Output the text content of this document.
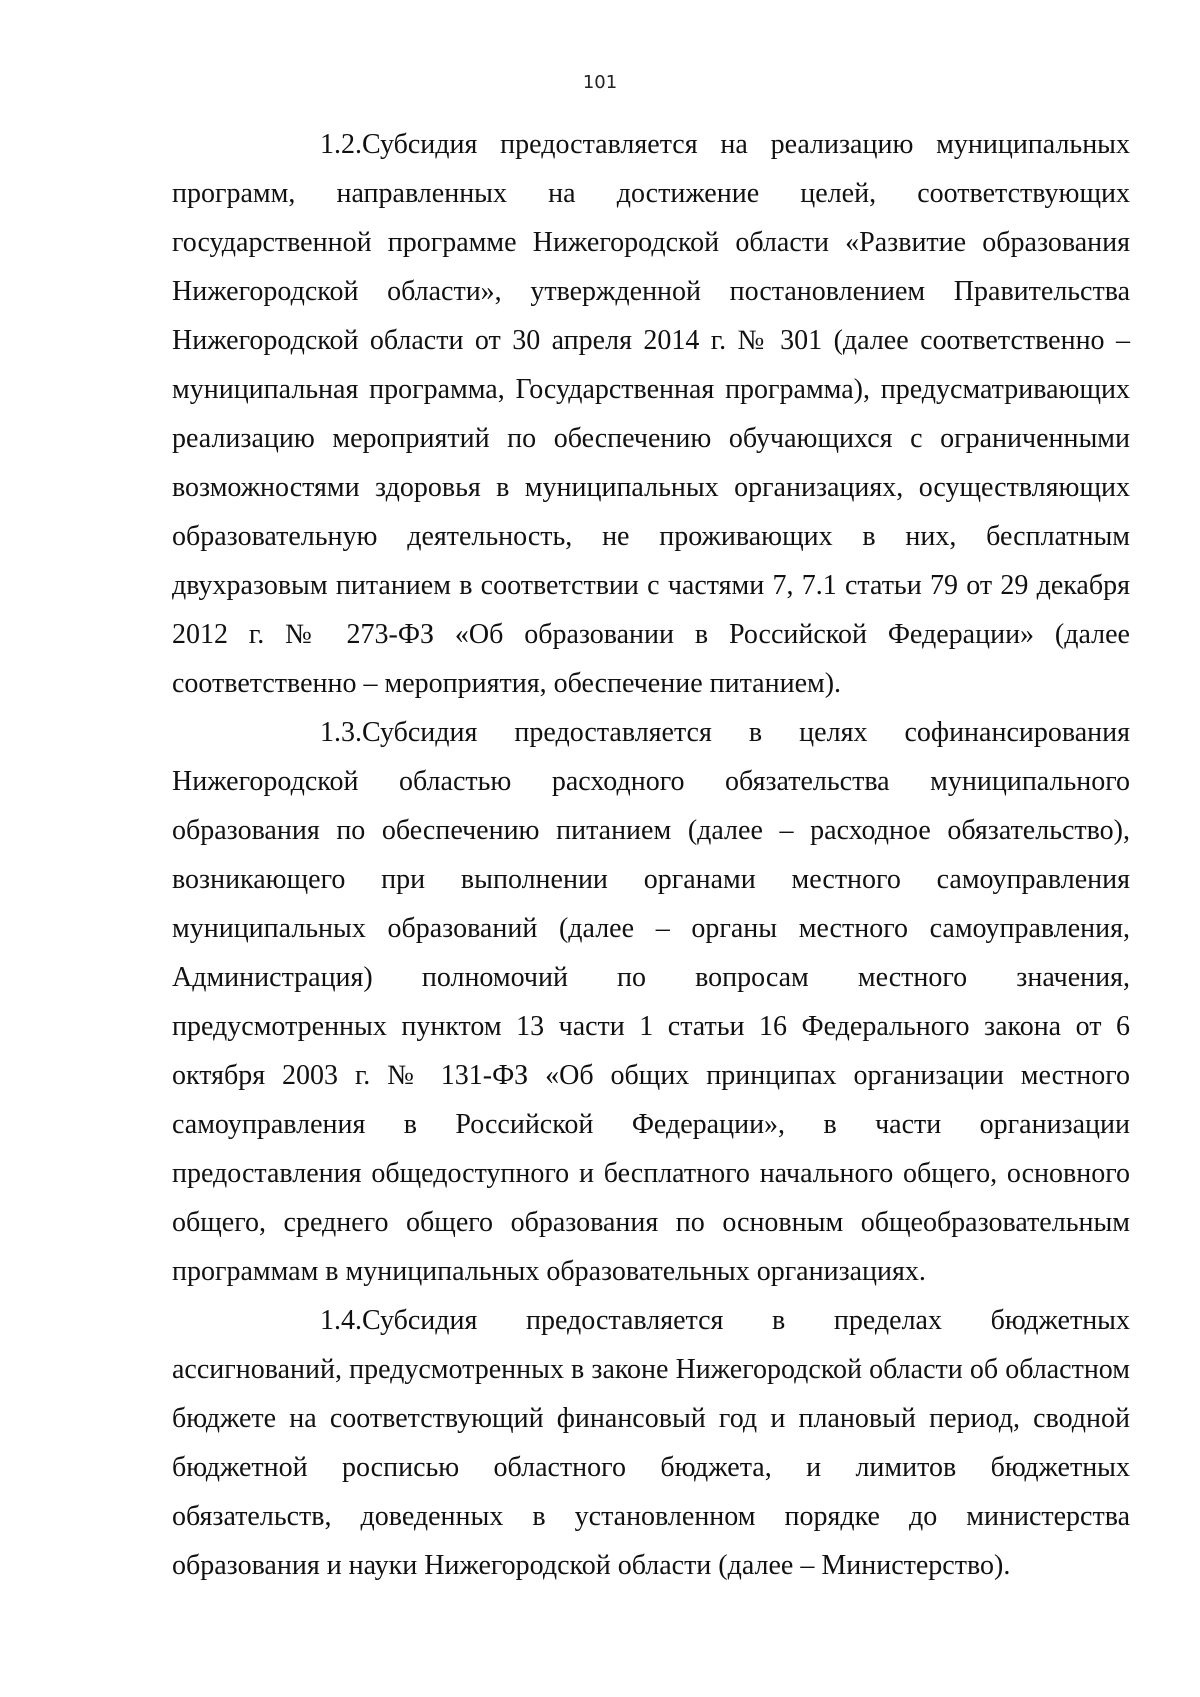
101

1.2.Субсидия предоставляется на реализацию муниципальных программ, направленных на достижение целей, соответствующих государственной программе Нижегородской области «Развитие образования Нижегородской области», утвержденной постановлением Правительства Нижегородской области от 30 апреля 2014 г. № 301 (далее соответственно – муниципальная программа, Государственная программа), предусматривающих реализацию мероприятий по обеспечению обучающихся с ограниченными возможностями здоровья в муниципальных организациях, осуществляющих образовательную деятельность, не проживающих в них, бесплатным двухразовым питанием в соответствии с частями 7, 7.1 статьи 79 от 29 декабря 2012 г. № 273-ФЗ «Об образовании в Российской Федерации» (далее соответственно – мероприятия, обеспечение питанием).

1.3.Субсидия предоставляется в целях софинансирования Нижегородской областью расходного обязательства муниципального образования по обеспечению питанием (далее – расходное обязательство), возникающего при выполнении органами местного самоуправления муниципальных образований (далее – органы местного самоуправления, Администрация) полномочий по вопросам местного значения, предусмотренных пунктом 13 части 1 статьи 16 Федерального закона от 6 октября 2003 г. № 131-ФЗ «Об общих принципах организации местного самоуправления в Российской Федерации», в части организации предоставления общедоступного и бесплатного начального общего, основного общего, среднего общего образования по основным общеобразовательным программам в муниципальных образовательных организациях.

1.4.Субсидия предоставляется в пределах бюджетных ассигнований, предусмотренных в законе Нижегородской области об областном бюджете на соответствующий финансовый год и плановый период, сводной бюджетной росписью областного бюджета, и лимитов бюджетных обязательств, доведенных в установленном порядке до министерства образования и науки Нижегородской области (далее – Министерство).
